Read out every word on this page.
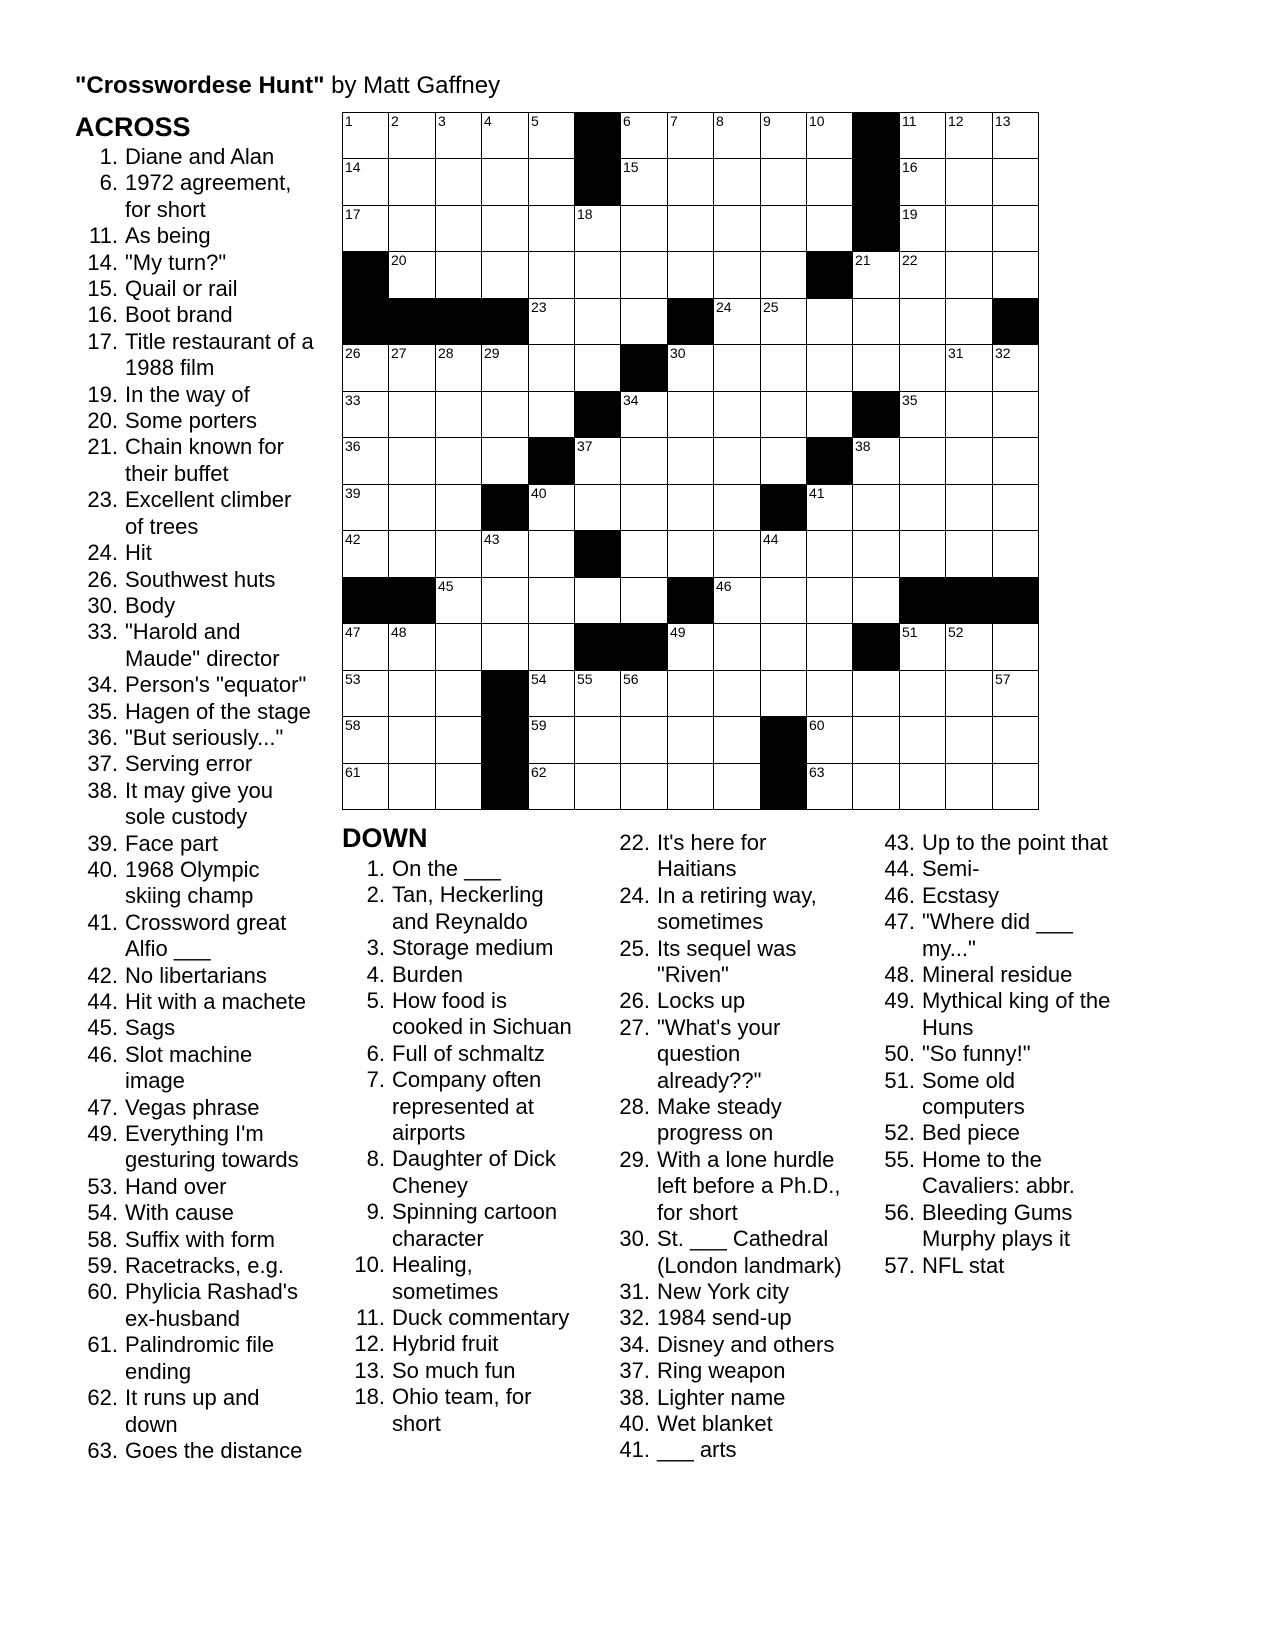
"Crosswordese Hunt" by Matt Gaffney
ACROSS
1. Diane and Alan
6. 1972 agreement,
for short
11. As being
14. "My turn?"
15. Quail or rail
16. Boot brand
17. Title restaurant of a
1988 film
19. In the way of
20. Some porters
21. Chain known for
their buffet
23. Excellent climber
of trees
24. Hit
26. Southwest huts
30. Body
33. "Harold and
Maude" director
34. Person's "equator"
35. Hagen of the stage
36. "But seriously..."
37. Serving error
38. It may give you
sole custody
39. Face part
40. 1968 Olympic
skiing champ
41. Crossword great
Alfio ___
42. No libertarians
44. Hit with a machete
45. Sags
46. Slot machine
image
47. Vegas phrase
49. Everything I'm
gesturing towards
53. Hand over
54. With cause
58. Suffix with form
59. Racetracks, e.g.
60. Phylicia Rashad's
ex-husband
61. Palindromic file
ending
62. It runs up and
down
63. Goes the distance
1	2	3	4	5	6	7	8	9	10	11 12 13
14	15	16
17	18	19
20	21 22
23	24 25
26 27 28 29	30	31 32
33	34	35
36	37	38
39	40	41
42	43	44
45	46
47 48	49	51 52
53	54 55 56	57
58	59	60
61	62	63
DOWN
1. On the ___
2. Tan, Heckerling
and Reynaldo
3. Storage medium
4. Burden
5. How food is
cooked in Sichuan
6. Full of schmaltz
7. Company often
represented at
airports
8. Daughter of Dick
Cheney
9. Spinning cartoon
character
10. Healing,
sometimes
11. Duck commentary
12. Hybrid fruit
13. So much fun
18. Ohio team, for
short
22. It's here for
Haitians
24. In a retiring way,
sometimes
25. Its sequel was
"Riven"
26. Locks up
27. "What's your
question
already??"
28. Make steady
progress on
29. With a lone hurdle
left before a Ph.D.,
for short
30. St. ___ Cathedral
(London landmark)
31. New York city
32. 1984 send-up
34. Disney and others
37. Ring weapon
38. Lighter name
40. Wet blanket
41. ___ arts
43. Up to the point that
44. Semi-
46. Ecstasy
47. "Where did ___
my..."
48. Mineral residue
49. Mythical king of the
Huns
50. "So funny!"
51. Some old
computers
52. Bed piece
55. Home to the
Cavaliers: abbr.
56. Bleeding Gums
Murphy plays it
57. NFL stat
